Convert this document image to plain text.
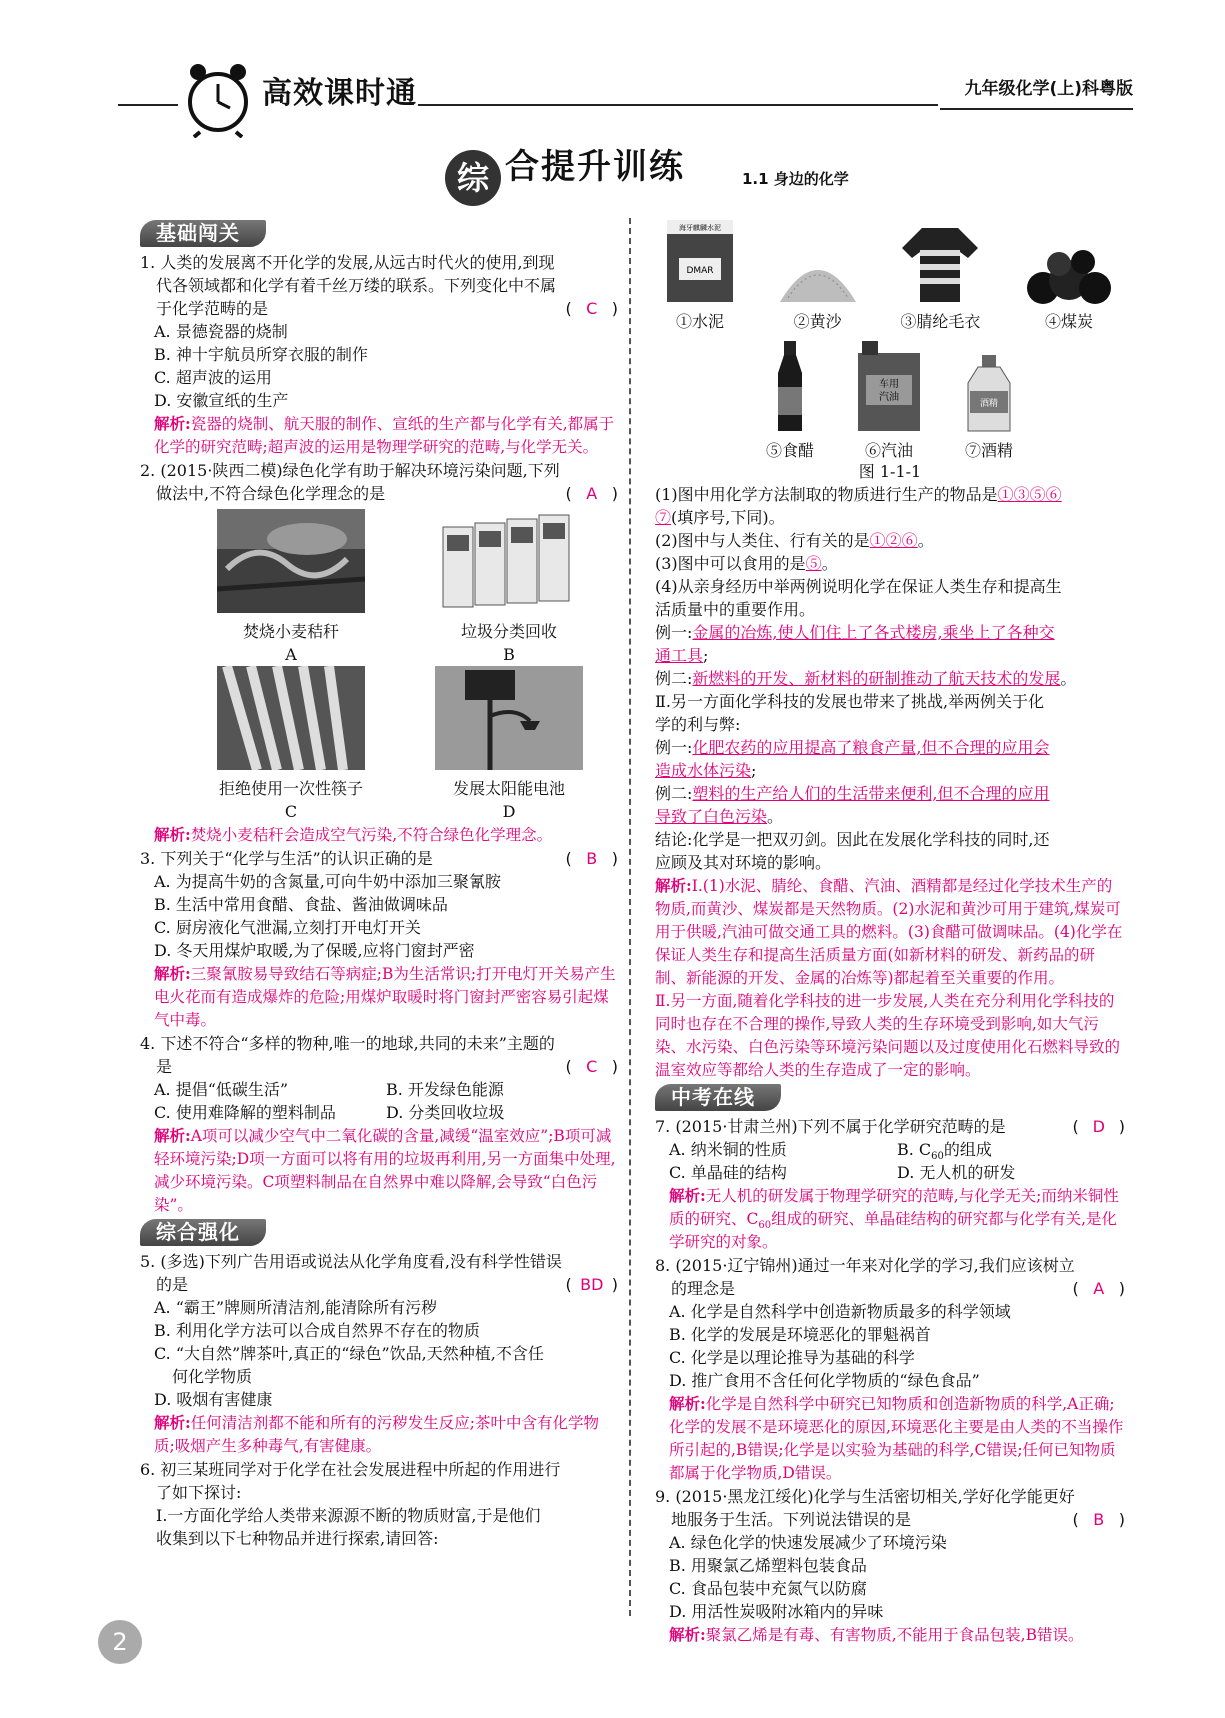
高效课时通	九年级化学(上)科粤版
综 合提升训练	1.1 身边的化学
基础闯关
1. 人类的发展离不开化学的发展,从远古时代火的使用,到现
代各领域都和化学有着千丝万缕的联系。下列变化中不属
于化学范畴的是	( C )
A. 景德瓷器的烧制
B. 神十宇航员所穿衣服的制作
C. 超声波的运用
D. 安徽宣纸的生产
解析:瓷器的烧制、航天服的制作、宣纸的生产都与化学有关,都属于化学的研究范畴;超声波的运用是物理学研究的范畴,与化学无关。
2. (2015·陕西二模)绿色化学有助于解决环境污染问题,下列
做法中,不符合绿色化学理念的是	( A )
焚烧小麦秸秆
A
垃圾分类回收
B
拒绝使用一次性筷子
C
发展太阳能电池
D
解析:焚烧小麦秸秆会造成空气污染,不符合绿色化学理念。
3. 下列关于“化学与生活”的认识正确的是	( B )
A. 为提高牛奶的含氮量,可向牛奶中添加三聚氰胺
B. 生活中常用食醋、食盐、酱油做调味品
C. 厨房液化气泄漏,立刻打开电灯开关
D. 冬天用煤炉取暖,为了保暖,应将门窗封严密
解析:三聚氰胺易导致结石等病症;B为生活常识;打开电灯开关易产生电火花而有造成爆炸的危险;用煤炉取暖时将门窗封严密容易引起煤气中毒。
4. 下述不符合“多样的物种,唯一的地球,共同的未来”主题的
是	( C )
A. 提倡“低碳生活”	B. 开发绿色能源
C. 使用难降解的塑料制品	D. 分类回收垃圾
解析:A项可以减少空气中二氧化碳的含量,减缓“温室效应”;B项可减轻环境污染;D项一方面可以将有用的垃圾再利用,另一方面集中处理,减少环境污染。C项塑料制品在自然界中难以降解,会导致“白色污染”。
综合强化
5. (多选)下列广告用语或说法从化学角度看,没有科学性错误
的是	( BD )
A. “霸王”牌厕所清洁剂,能清除所有污秽
B. 利用化学方法可以合成自然界不存在的物质
C. “大自然”牌茶叶,真正的“绿色”饮品,天然种植,不含任
何化学物质
D. 吸烟有害健康
解析:任何清洁剂都不能和所有的污秽发生反应;茶叶中含有化学物质;吸烟产生多种毒气,有害健康。
6. 初三某班同学对于化学在社会发展进程中所起的作用进行
了如下探讨:
Ⅰ.一方面化学给人类带来源源不断的物质财富,于是他们
收集到以下七种物品并进行探索,请回答:
海牙麒麟水泥
DMAR
①水泥	②黄沙	③腈纶毛衣	④煤炭
⑤食醋
车用
汽油
⑥汽油
酒精
⑦酒精
图 1-1-1
(1)图中用化学方法制取的物质进行生产的物品是①③⑤⑥
⑦(填序号,下同)。
(2)图中与人类住、行有关的是①②⑥。
(3)图中可以食用的是⑤。
(4)从亲身经历中举两例说明化学在保证人类生存和提高生
活质量中的重要作用。
例一:金属的冶炼,使人们住上了各式楼房,乘坐上了各种交
通工具;
例二:新燃料的开发、新材料的研制推动了航天技术的发展。
Ⅱ.另一方面化学科技的发展也带来了挑战,举两例关于化
学的利与弊:
例一:化肥农药的应用提高了粮食产量,但不合理的应用会
造成水体污染;
例二:塑料的生产给人们的生活带来便利,但不合理的应用
导致了白色污染。
结论:化学是一把双刃剑。因此在发展化学科技的同时,还
应顾及其对环境的影响。
解析:Ⅰ.(1)水泥、腈纶、食醋、汽油、酒精都是经过化学技术生产的物质,而黄沙、煤炭都是天然物质。(2)水泥和黄沙可用于建筑,煤炭可用于供暖,汽油可做交通工具的燃料。(3)食醋可做调味品。(4)化学在保证人类生存和提高生活质量方面(如新材料的研发、新药品的研制、新能源的开发、金属的冶炼等)都起着至关重要的作用。
Ⅱ.另一方面,随着化学科技的进一步发展,人类在充分利用化学科技的同时也存在不合理的操作,导致人类的生存环境受到影响,如大气污染、水污染、白色污染等环境污染问题以及过度使用化石燃料导致的温室效应等都给人类的生存造成了一定的影响。
中考在线
7. (2015·甘肃兰州)下列不属于化学研究范畴的是	( D )
A. 纳米铜的性质	B. $C_{60}$的组成
C. 单晶硅的结构	D. 无人机的研发
解析:无人机的研发属于物理学研究的范畴,与化学无关;而纳米铜性质的研究、$C_{60}$组成的研究、单晶硅结构的研究都与化学有关,是化学研究的对象。
8. (2015·辽宁锦州)通过一年来对化学的学习,我们应该树立
的理念是	( A )
A. 化学是自然科学中创造新物质最多的科学领域
B. 化学的发展是环境恶化的罪魁祸首
C. 化学是以理论推导为基础的科学
D. 推广食用不含任何化学物质的“绿色食品”
解析:化学是自然科学中研究已知物质和创造新物质的科学,A正确;化学的发展不是环境恶化的原因,环境恶化主要是由人类的不当操作所引起的,B错误;化学是以实验为基础的科学,C错误;任何已知物质都属于化学物质,D错误。
9. (2015·黑龙江绥化)化学与生活密切相关,学好化学能更好
地服务于生活。下列说法错误的是	( B )
A. 绿色化学的快速发展减少了环境污染
B. 用聚氯乙烯塑料包装食品
C. 食品包装中充氮气以防腐
D. 用活性炭吸附冰箱内的异味
解析:聚氯乙烯是有毒、有害物质,不能用于食品包装,B错误。
2
